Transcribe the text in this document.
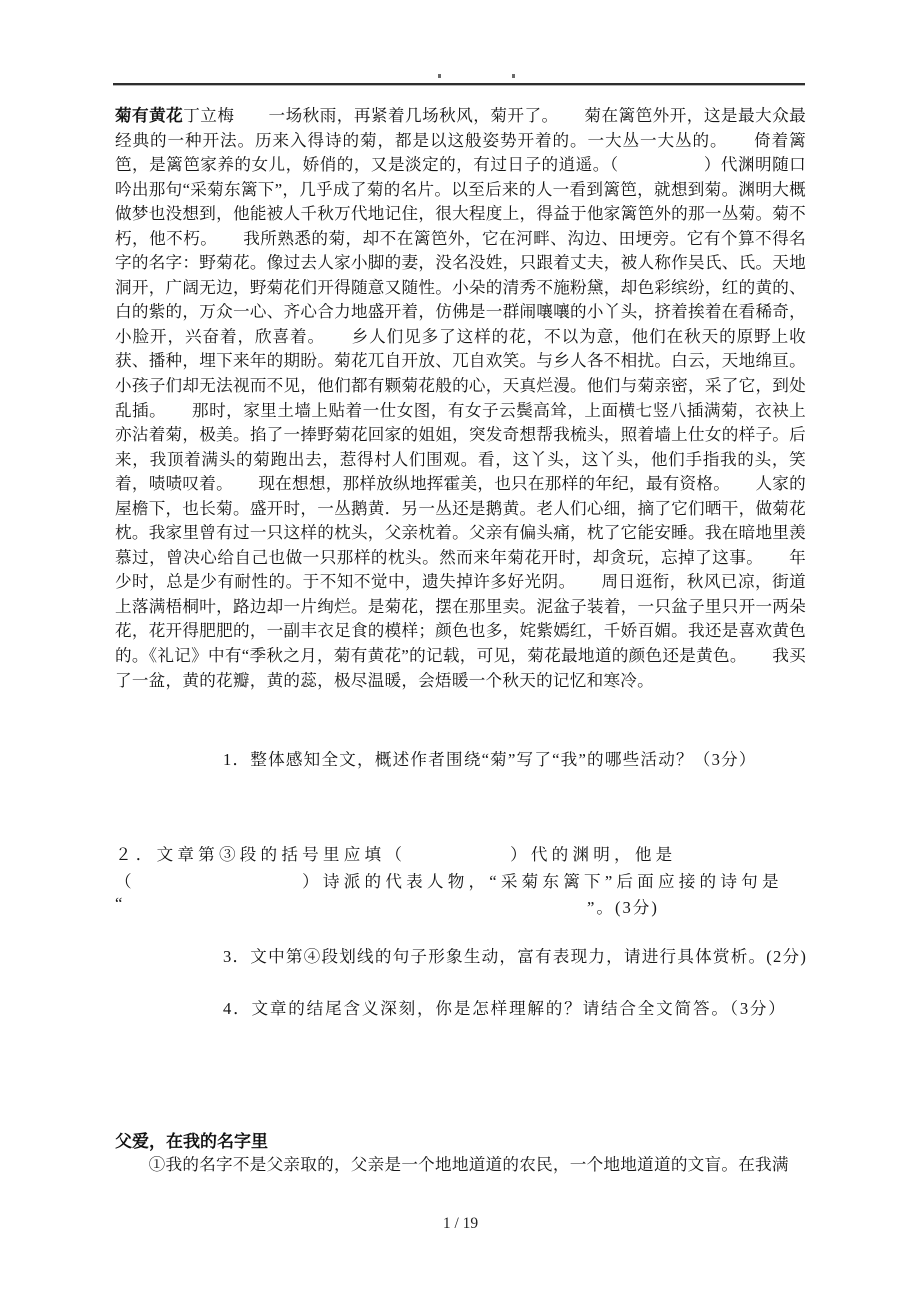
菊有黄花丁立梅　　一场秋雨，再紧着几场秋风，菊开了。　　菊在篱笆外开，这是最大众最经典的一种开法。历来入得诗的菊，都是以这般姿势开着的。一大丛一大丛的。　　倚着篱笆，是篱笆家养的女儿，娇俏的，又是淡定的，有过日子的逍遥。（　　　　　）代渊明随口吟出那句“采菊东篱下”，几乎成了菊的名片。以至后来的人一看到篱笆，就想到菊。渊明大概做梦也没想到，他能被人千秋万代地记住，很大程度上，得益于他家篱笆外的那一丛菊。菊不朽，他不朽。　　我所熟悉的菊，却不在篱笆外，它在河畔、沟边、田埂旁。它有个算不得名字的名字：野菊花。像过去人家小脚的妻，没名没姓，只跟着丈夫，被人称作吴氏、氏。天地洞开，广阔无边，野菊花们开得随意又随性。小朵的清秀不施粉黛，却色彩缤纷，红的黄的、白的紫的，万众一心、齐心合力地盛开着，仿佛是一群闹嚷嚷的小丫头，挤着挨着在看稀奇，小脸开，兴奋着，欣喜着。　　乡人们见多了这样的花，不以为意，他们在秋天的原野上收获、播种，埋下来年的期盼。菊花兀自开放、兀自欢笑。与乡人各不相扰。白云，天地绵亘。小孩子们却无法视而不见，他们都有颗菊花般的心，天真烂漫。他们与菊亲密，采了它，到处乱插。　　那时，家里土墙上贴着一仕女图，有女子云鬓高耸，上面横七竖八插满菊，衣袂上亦沾着菊，极美。掐了一捧野菊花回家的姐姐，突发奇想帮我梳头，照着墙上仕女的样子。后来，我顶着满头的菊跑出去，惹得村人们围观。看，这丫头，这丫头，他们手指我的头，笑着，啧啧叹着。　　现在想想，那样放纵地挥霍美，也只在那样的年纪，最有资格。　　人家的屋檐下，也长菊。盛开时，一丛鹅黄．另一丛还是鹅黄。老人们心细，摘了它们晒干，做菊花枕。我家里曾有过一只这样的枕头，父亲枕着。父亲有偏头痛，枕了它能安睡。我在暗地里羡慕过，曾决心给自己也做一只那样的枕头。然而来年菊花开时，却贪玩，忘掉了这事。　　年少时，总是少有耐性的。于不知不觉中，遗失掉许多好光阴。　　周日逛衔，秋风已凉，街道上落满梧桐叶，路边却一片绚烂。是菊花，摆在那里卖。泥盆子装着，一只盆子里只开一两朵花，花开得肥肥的，一副丰衣足食的模样；颜色也多，姹紫嫣红，千娇百媚。我还是喜欢黄色的。《礼记》中有“季秋之月，菊有黄花”的记载，可见，菊花最地道的颜色还是黄色。　　我买了一盆，黄的花瓣，黄的蕊，极尽温暖，会焐暖一个秋天的记忆和寒冷。
1．整体感知全文，概述作者围绕“菊”写了“我”的哪些活动？（3分）
２．文章第③段的括号里应填（　　　　　）代的渊明，他是
（　　　　　　　　）诗派的代表人物，“采菊东篱下”后面应接的诗句是
“	”。(3分)
3．文中第④段划线的句子形象生动，富有表现力，请进行具体赏析。(2分)
4．文章的结尾含义深刻，你是怎样理解的？请结合全文简答。（3分）
父爱，在我的名字里
　　①我的名字不是父亲取的，父亲是一个地地道道的农民，一个地地道道的文盲。在我满
1 / 19
